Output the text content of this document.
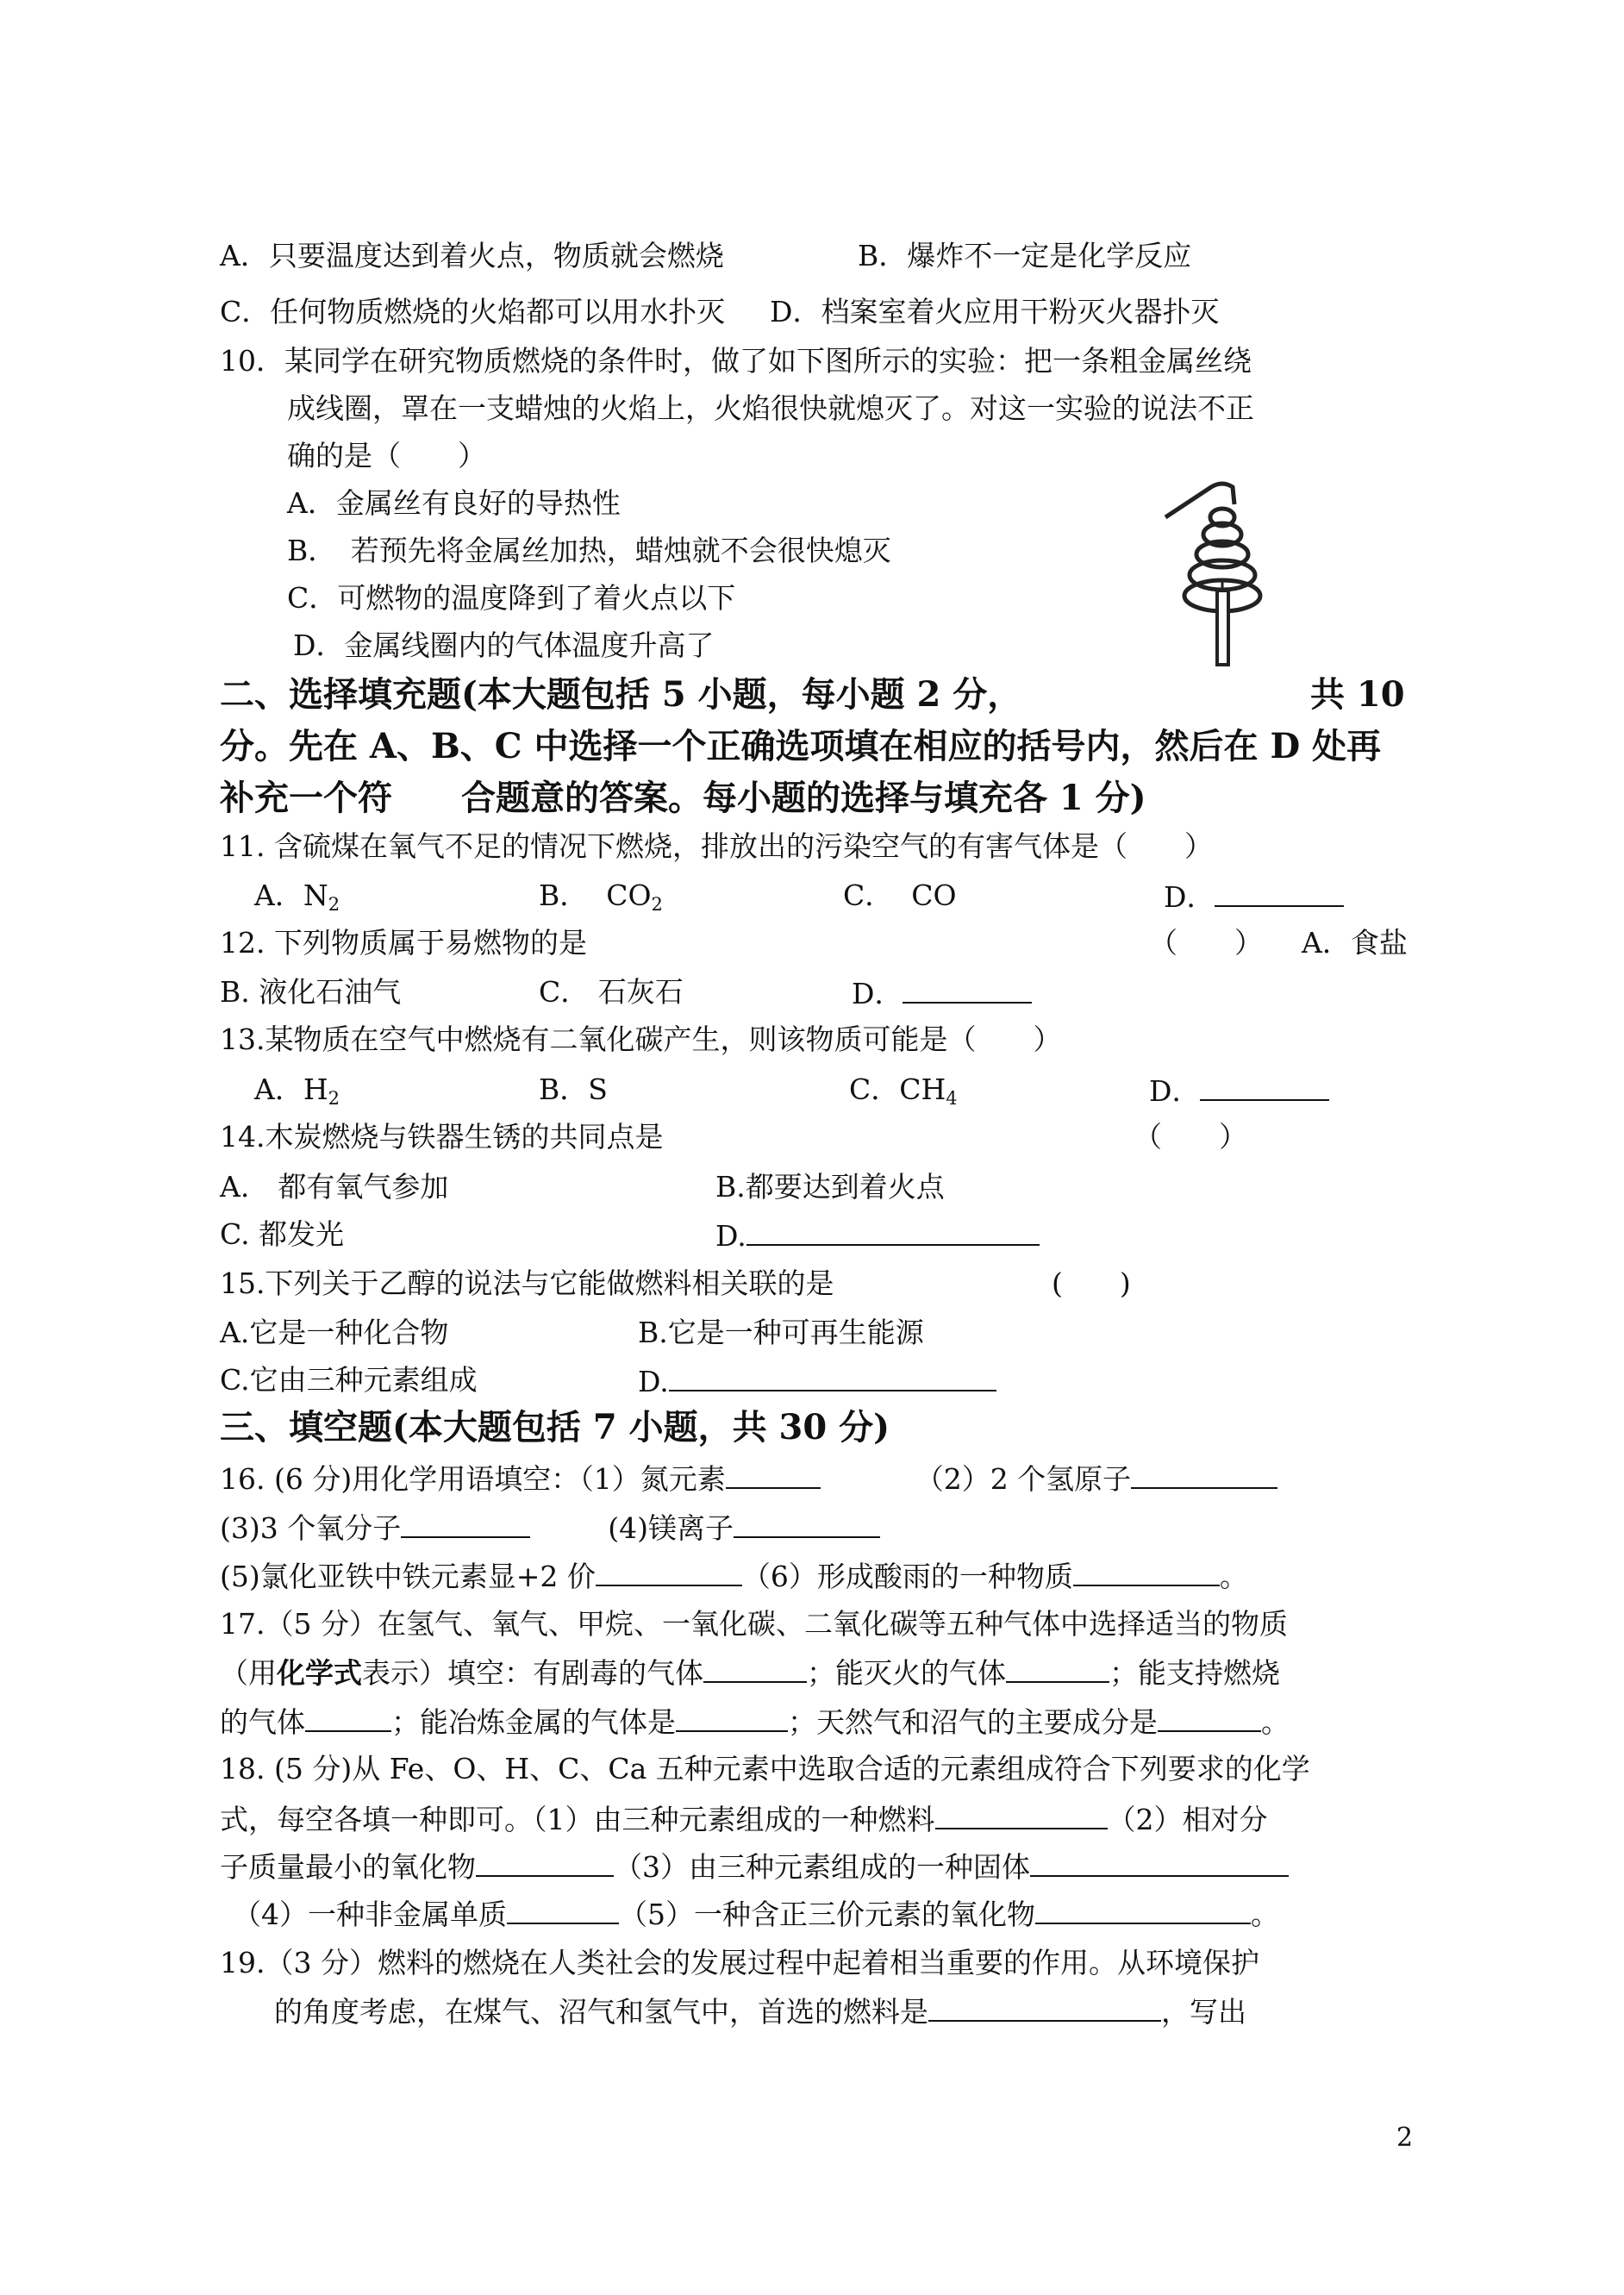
A．只要温度达到着火点，物质就会燃烧	B．爆炸不一定是化学反应
C．任何物质燃烧的火焰都可以用水扑灭 D．档案室着火应用干粉灭火器扑灭
10．某同学在研究物质燃烧的条件时，做了如下图所示的实验：把一条粗金属丝绕
成线圈，罩在一支蜡烛的火焰上，火焰很快就熄灭了。对这一实验的说法不正
确的是（　　）
A．金属丝有良好的导热性
B．　若预先将金属丝加热，蜡烛就不会很快熄灭
C．可燃物的温度降到了着火点以下
D．金属线圈内的气体温度升高了
二、选择填充题(本大题包括 5 小题，每小题 2 分，	共 10
分。先在 A、B、C 中选择一个正确选项填在相应的括号内，然后在 D 处再
补充一个符　　合题意的答案。每小题的选择与填充各 1 分)
11. 含硫煤在氧气不足的情况下燃烧，排放出的污染空气的有害气体是（　　）
A．$N_2$	B．  $CO_2$	C．  CO	D．
12. 下列物质属于易燃物的是	（　　） A．食盐
B. 液化石油气	C． 石灰石	D．
13.某物质在空气中燃烧有二氧化碳产生，则该物质可能是（　　）
A．$H_2$	B．S	C．$CH_4$	D．
14.木炭燃烧与铁器生锈的共同点是	（　　）
A.　都有氧气参加	B.都要达到着火点
C. 都发光	D.
15.下列关于乙醇的说法与它能做燃料相关联的是	(　　)
A.它是一种化合物	B.它是一种可再生能源
C.它由三种元素组成	D.
三、填空题(本大题包括 7 小题，共 30 分)
16. (6 分)用化学用语填空：（1）氮元素	（2）2 个氢原子
(3)3 个氧分子	(4)镁离子
(5)氯化亚铁中铁元素显+2 价	（6）形成酸雨的一种物质	。
17.（5 分）在氢气、氧气、甲烷、一氧化碳、二氧化碳等五种气体中选择适当的物质
（用化学式表示）填空：有剧毒的气体	；能灭火的气体	；能支持燃烧
的气体	；能冶炼金属的气体是	；天然气和沼气的主要成分是	。
18. (5 分)从 Fe、O、H、C、Ca 五种元素中选取合适的元素组成符合下列要求的化学
式，每空各填一种即可。（1）由三种元素组成的一种燃料	（2）相对分
子质量最小的氧化物	（3）由三种元素组成的一种固体
（4）一种非金属单质	（5）一种含正三价元素的氧化物	。
19.（3 分）燃料的燃烧在人类社会的发展过程中起着相当重要的作用。从环境保护
的角度考虑，在煤气、沼气和氢气中，首选的燃料是	，写出
2
